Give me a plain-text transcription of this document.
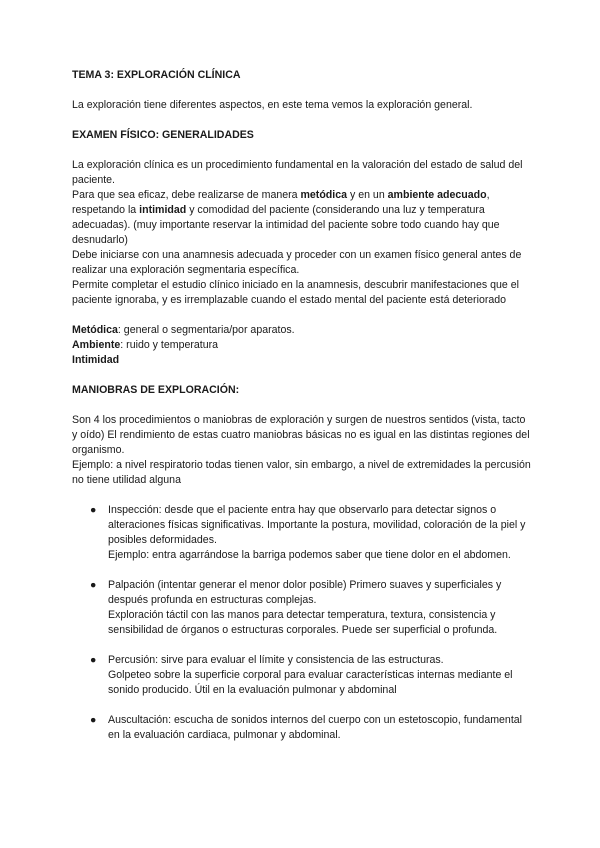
TEMA 3: EXPLORACIÓN CLÍNICA

La exploración tiene diferentes aspectos, en este tema vemos la exploración general.

EXAMEN FÍSICO: GENERALIDADES

La exploración clínica es un procedimiento fundamental en la valoración del estado de salud del paciente.

Para que sea eficaz, debe realizarse de manera metódica y en un ambiente adecuado, respetando la intimidad y comodidad del paciente (considerando una luz y temperatura adecuadas). (muy importante reservar la intimidad del paciente sobre todo cuando hay que desnudarlo)

Debe iniciarse con una anamnesis adecuada y proceder con un examen físico general antes de realizar una exploración segmentaria específica.

Permite completar el estudio clínico iniciado en la anamnesis, descubrir manifestaciones que el paciente ignoraba, y es irremplazable cuando el estado mental del paciente está deteriorado

Metódica: general o segmentaria/por aparatos.

Ambiente: ruido y temperatura

Intimidad

MANIOBRAS DE EXPLORACIÓN:

Son 4 los procedimientos o maniobras de exploración y surgen de nuestros sentidos (vista, tacto y oído) El rendimiento de estas cuatro maniobras básicas no es igual en las distintas regiones del organismo.

Ejemplo: a nivel respiratorio todas tienen valor, sin embargo, a nivel de extremidades la percusión no tiene utilidad alguna

● Inspección: desde que el paciente entra hay que observarlo para detectar signos o alteraciones físicas significativas. Importante la postura, movilidad, coloración de la piel y posibles deformidades.

Ejemplo: entra agarrándose la barriga podemos saber que tiene dolor en el abdomen.

● Palpación (intentar generar el menor dolor posible) Primero suaves y superficiales y después profunda en estructuras complejas.

Exploración táctil con las manos para detectar temperatura, textura, consistencia y sensibilidad de órganos o estructuras corporales. Puede ser superficial o profunda.

● Percusión: sirve para evaluar el límite y consistencia de las estructuras.

Golpeteo sobre la superficie corporal para evaluar características internas mediante el sonido producido. Útil en la evaluación pulmonar y abdominal

● Auscultación: escucha de sonidos internos del cuerpo con un estetoscopio, fundamental en la evaluación cardiaca, pulmonar y abdominal.
